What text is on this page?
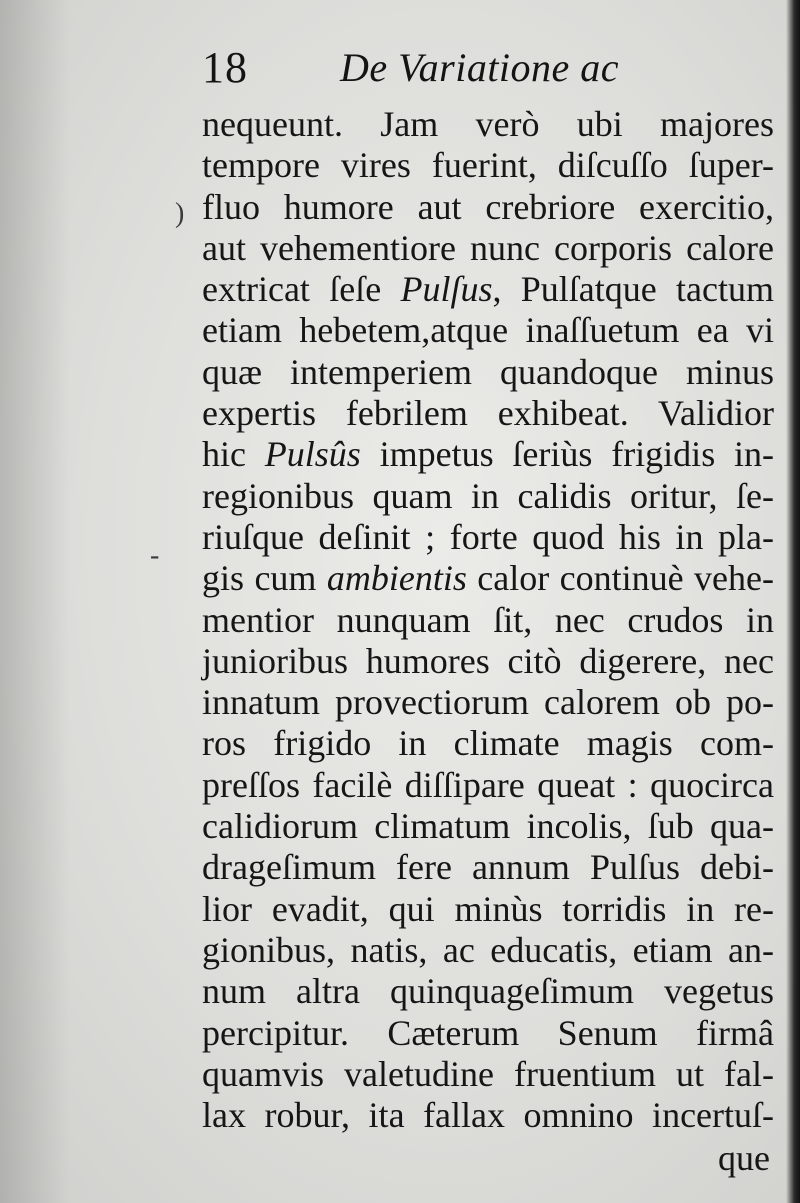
18 De Variatione ac
nequeunt. Jam verò ubi majores
tempore vires fuerint, diſcuſſo ſuper-
fluo humore aut crebriore exercitio,
aut vehementiore nunc corporis calore
extricat ſeſe Pulſus, Pulſatque tactum
etiam hebetem,atque inaſſuetum ea vi
quæ intemperiem quandoque minus
expertis febrilem exhibeat. Validior
hic Pulsûs impetus ſeriùs frigidis in-
regionibus quam in calidis oritur, ſe-
riuſque deſinit ; forte quod his in pla-
gis cum ambientis calor continuè vehe-
mentior nunquam ſit, nec crudos in
junioribus humores citò digerere, nec
innatum provectiorum calorem ob po-
ros frigido in climate magis com-
preſſos facilè diſſipare queat : quocirca
calidiorum climatum incolis, ſub qua-
drageſimum fere annum Pulſus debi-
lior evadit, qui minùs torridis in re-
gionibus, natis, ac educatis, etiam an-
num altra quinquageſimum vegetus
percipitur. Cæterum Senum firmâ
quamvis valetudine fruentium ut fal-
lax robur, ita fallax omnino incertuſ-
que
-
)
